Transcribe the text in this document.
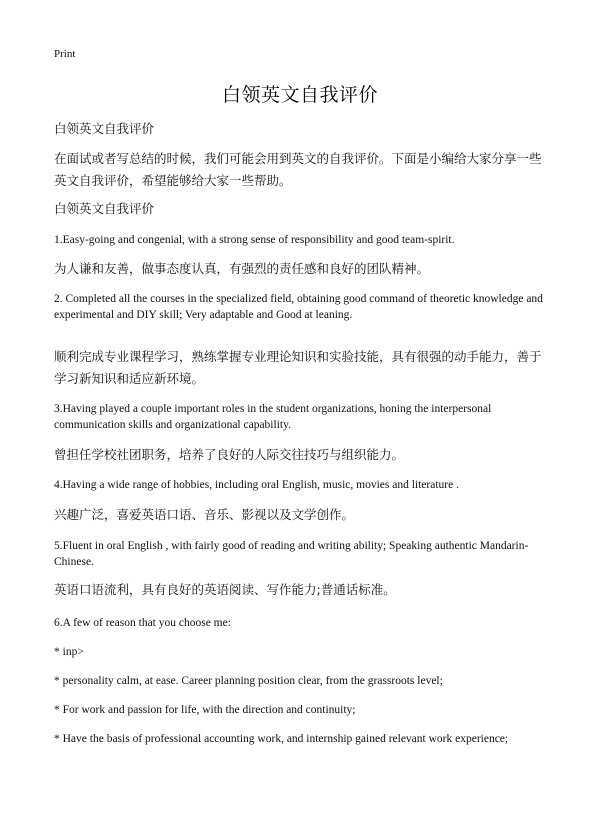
Print
白领英文自我评价
白领英文自我评价
在面试或者写总结的时候，我们可能会用到英文的自我评价。下面是小编给大家分享一些英文自我评价，希望能够给大家一些帮助。
白领英文自我评价
1.Easy-going and congenial, with a strong sense of responsibility and good team-spirit.
为人谦和友善，做事态度认真，有强烈的责任感和良好的团队精神。
2. Completed all the courses in the specialized field, obtaining good command of theoretic knowledge and experimental and DIY skill; Very adaptable and Good at leaning.
顺利完成专业课程学习，熟练掌握专业理论知识和实验技能，具有很强的动手能力，善于学习新知识和适应新环境。
3.Having played a couple important roles in the student organizations, honing the interpersonal communication skills and organizational capability.
曾担任学校社团职务，培养了良好的人际交往技巧与组织能力。
4.Having a wide range of hobbies, including oral English, music, movies and literature .
兴趣广泛，喜爱英语口语、音乐、影视以及文学创作。
5.Fluent in oral English , with fairly good of reading and writing ability; Speaking authentic Mandarin-Chinese.
英语口语流利，具有良好的英语阅读、写作能力;普通话标准。
6.A few of reason that you choose me:
* inp>
* personality calm, at ease. Career planning position clear, from the grassroots level;
* For work and passion for life, with the direction and continuity;
* Have the basis of professional accounting work, and internship gained relevant work experience;
